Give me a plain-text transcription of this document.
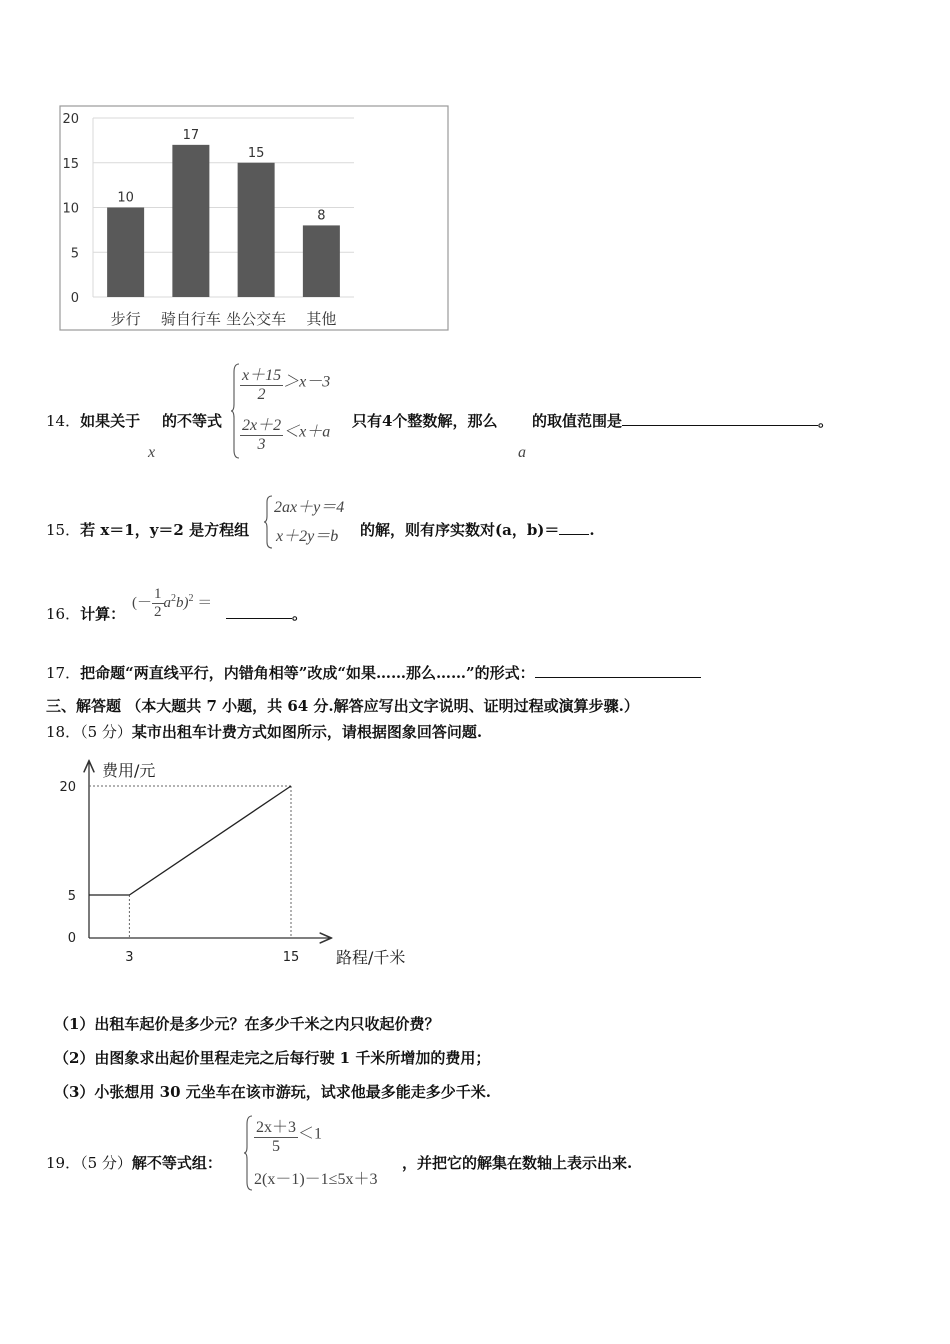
0
5
10
15
20
10
17
15
8
步行 骑自行车 坐公交车 其他
14．如果关于 的不等式
x
$\frac{x+15}{2} >x-3$
$\frac{2x+2}{3} <x+a$
只有4个整数解，那么
a
的取值范围是	。
15．若 x＝1，y＝2 是方程组
2ax＋y＝4
x＋2y＝b 的解，则有序实数对(a，b)＝ .
16．计算：
(－ $\frac{1}{2} a^2b)^2$ ＝
。
17．把命题“两直线平行，内错角相等”改成“如果……那么……”的形式：
三、解答题 （本大题共 7 小题，共 64 分.解答应写出文字说明、证明过程或演算步骤.）
18．（5 分）某市出租车计费方式如图所示，请根据图象回答问题.
费用/元
路程/千米
0
5
20
3	15
（1）出租车起价是多少元？在多少千米之内只收起价费？
（2）由图象求出起价里程走完之后每行驶 1 千米所增加的费用；
（3）小张想用 30 元坐车在该市游玩，试求他最多能走多少千米.
19．（5 分）解不等式组：
$\frac{2x+3}{5} <1$
2(x－1)－1≤5x＋3
，并把它的解集在数轴上表示出来.
